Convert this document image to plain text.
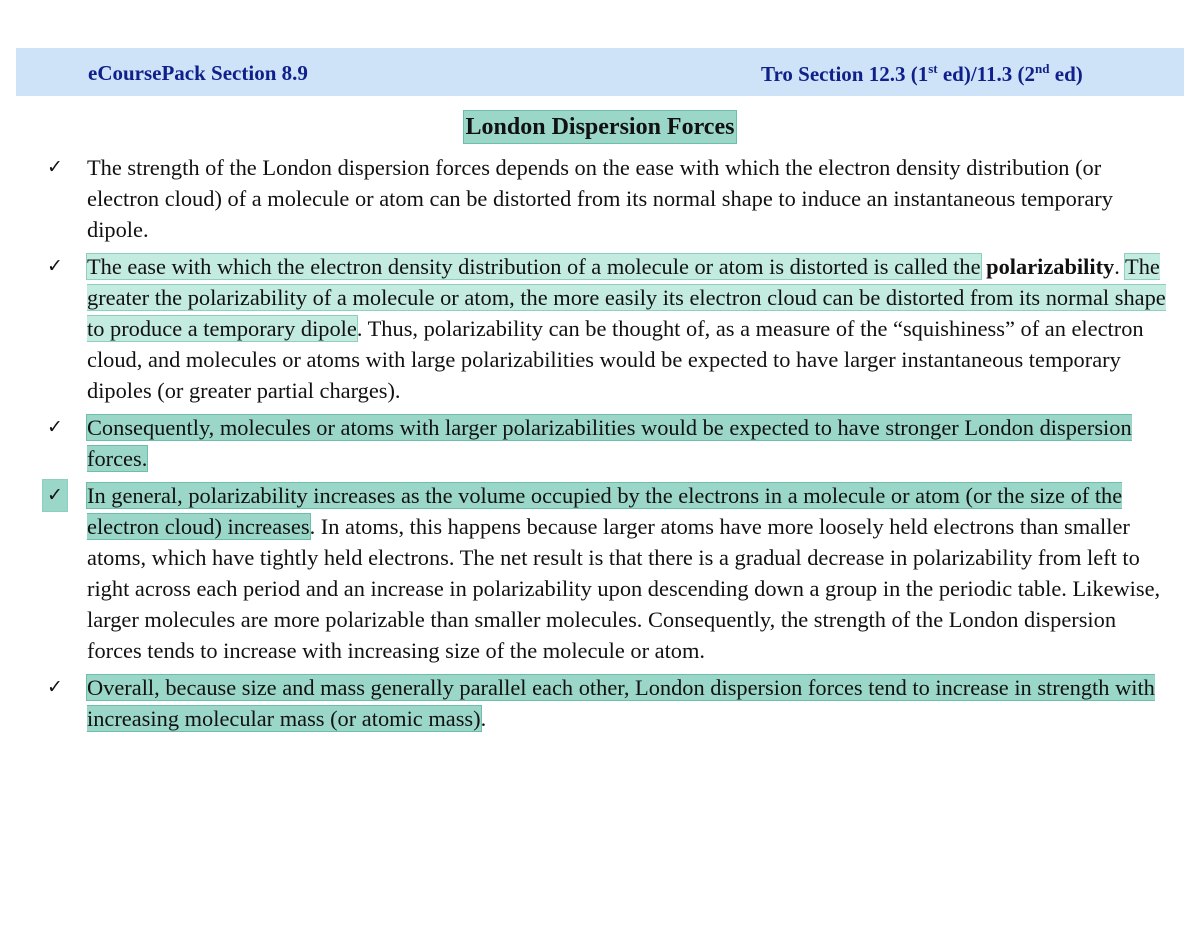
eCoursePack Section 8.9	Tro Section 12.3 (1st ed)/11.3 (2nd ed)
London Dispersion Forces
✓ The strength of the London dispersion forces depends on the ease with which the electron density distribution (or electron cloud) of a molecule or atom can be distorted from its normal shape to induce an instantaneous temporary dipole.
✓ The ease with which the electron density distribution of a molecule or atom is distorted is called the polarizability. The greater the polarizability of a molecule or atom, the more easily its electron cloud can be distorted from its normal shape to produce a temporary dipole. Thus, polarizability can be thought of, as a measure of the “squishiness” of an electron cloud, and molecules or atoms with large polarizabilities would be expected to have larger instantaneous temporary dipoles (or greater partial charges).
✓ Consequently, molecules or atoms with larger polarizabilities would be expected to have stronger London dispersion forces.
✓ In general, polarizability increases as the volume occupied by the electrons in a molecule or atom (or the size of the electron cloud) increases. In atoms, this happens because larger atoms have more loosely held electrons than smaller atoms, which have tightly held electrons. The net result is that there is a gradual decrease in polarizability from left to right across each period and an increase in polarizability upon descending down a group in the periodic table. Likewise, larger molecules are more polarizable than smaller molecules. Consequently, the strength of the London dispersion forces tends to increase with increasing size of the molecule or atom.
✓ Overall, because size and mass generally parallel each other, London dispersion forces tend to increase in strength with increasing molecular mass (or atomic mass).
